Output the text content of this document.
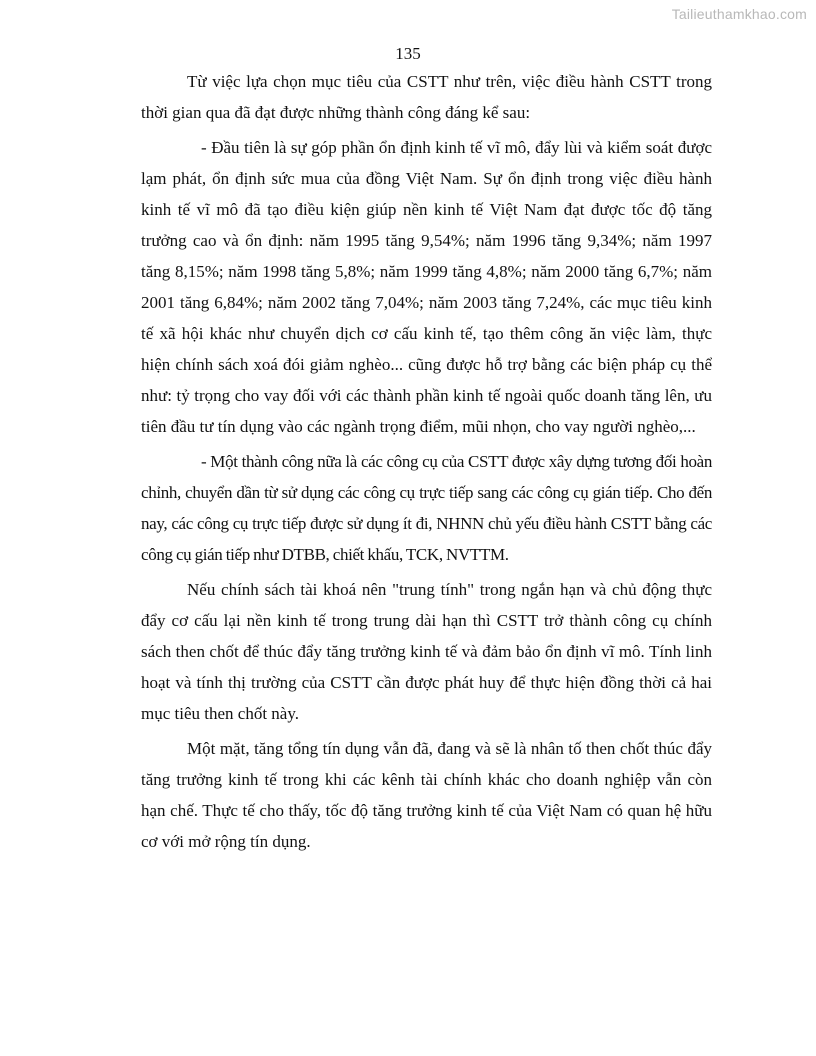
Tailieuthamkhao.com
135

Từ việc lựa chọn mục tiêu của CSTT như trên, việc điều hành CSTT trong thời gian qua đã đạt được những thành công đáng kể sau:

- Đầu tiên là sự góp phần ổn định kinh tế vĩ mô, đẩy lùi và kiểm soát được lạm phát, ổn định sức mua của đồng Việt Nam. Sự ổn định trong việc điều hành kinh tế vĩ mô đã tạo điều kiện giúp nền kinh tế Việt Nam đạt được tốc độ tăng trưởng cao và ổn định: năm 1995 tăng 9,54%; năm 1996 tăng 9,34%; năm 1997 tăng 8,15%; năm 1998 tăng 5,8%; năm 1999 tăng 4,8%; năm 2000 tăng 6,7%; năm 2001 tăng 6,84%; năm 2002 tăng 7,04%; năm 2003 tăng 7,24%, các mục tiêu kinh tế xã hội khác như chuyển dịch cơ cấu kinh tế, tạo thêm công ăn việc làm, thực hiện chính sách xoá đói giảm nghèo... cũng được hỗ trợ bằng các biện pháp cụ thể như: tỷ trọng cho vay đối với các thành phần kinh tế ngoài quốc doanh tăng lên, ưu tiên đầu tư tín dụng vào các ngành trọng điểm, mũi nhọn, cho vay người nghèo,...

- Một thành công nữa là các công cụ của CSTT được xây dựng tương đối hoàn chỉnh, chuyển dần từ sử dụng các công cụ trực tiếp sang các công cụ gián tiếp. Cho đến nay, các công cụ trực tiếp được sử dụng ít đi, NHNN chủ yếu điều hành CSTT bằng các công cụ gián tiếp như DTBB, chiết khấu, TCK, NVTTM.

Nếu chính sách tài khoá nên "trung tính" trong ngắn hạn và chủ động thực đẩy cơ cấu lại nền kinh tế trong trung dài hạn thì CSTT trở thành công cụ chính sách then chốt để thúc đẩy tăng trưởng kinh tế và đảm bảo ổn định vĩ mô. Tính linh hoạt và tính thị trường của CSTT cần được phát huy để thực hiện đồng thời cả hai mục tiêu then chốt này.

Một mặt, tăng tổng tín dụng vẫn đã, đang và sẽ là nhân tố then chốt thúc đẩy tăng trưởng kinh tế trong khi các kênh tài chính khác cho doanh nghiệp vẫn còn hạn chế. Thực tế cho thấy, tốc độ tăng trưởng kinh tế của Việt Nam có quan hệ hữu cơ với mở rộng tín dụng.
